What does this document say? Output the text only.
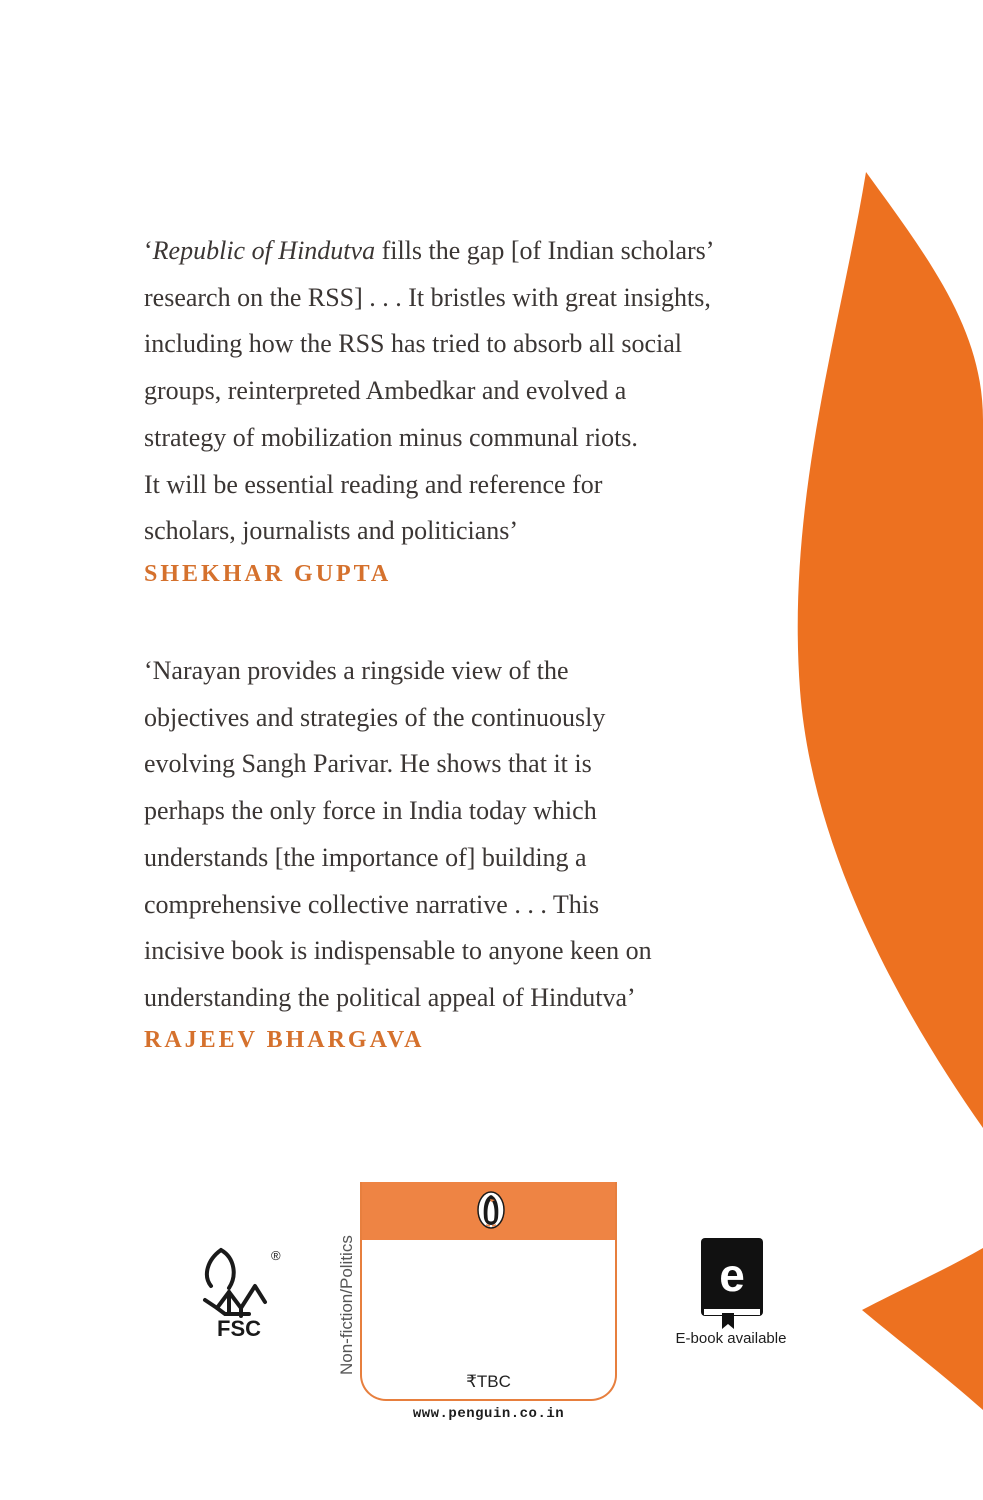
‘Republic of Hindutva fills the gap [of Indian scholars’
research on the RSS] . . . It bristles with great insights,
including how the RSS has tried to absorb all social
groups, reinterpreted Ambedkar and evolved a
strategy of mobilization minus communal riots.
It will be essential reading and reference for
scholars, journalists and politicians’

SHEKHAR GUPTA

‘Narayan provides a ringside view of the
objectives and strategies of the continuously
evolving Sangh Parivar. He shows that it is
perhaps the only force in India today which
understands [the importance of] building a
comprehensive collective narrative . . . This
incisive book is indispensable to anyone keen on
understanding the political appeal of Hindutva’

RAJEEV BHARGAVA

®

FSC	Non-fiction/Politics

₹TBC

www.penguin.co.in

e

E-book available
